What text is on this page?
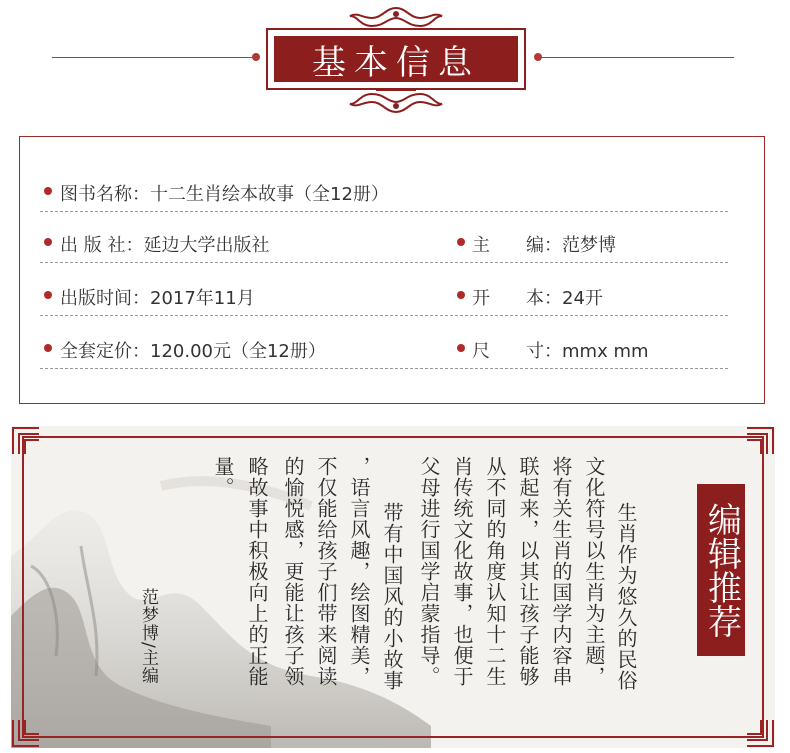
基本信息
图书名称：十二生肖绘本故事（全12册）
出 版 社：延边大学出版社	主　　编：范梦博
出版时间：2017年11月	开　　本：24开
全套定价：120.00元（全12册）	尺　　寸：mmx mm
编辑推荐
生肖作为悠久的民俗
文化符号以生肖为主题，
将有关生肖的国学内容串
联起来，以其让孩子能够
从不同的角度认知十二生
肖传统文化故事，也便于
父母进行国学启蒙指导。
带有中国风的小故事
，语言风趣，绘图精美，
不仅能给孩子们带来阅读
的愉悦感，更能让孩子领
略故事中积极向上的正能
量。
范梦博/主编
